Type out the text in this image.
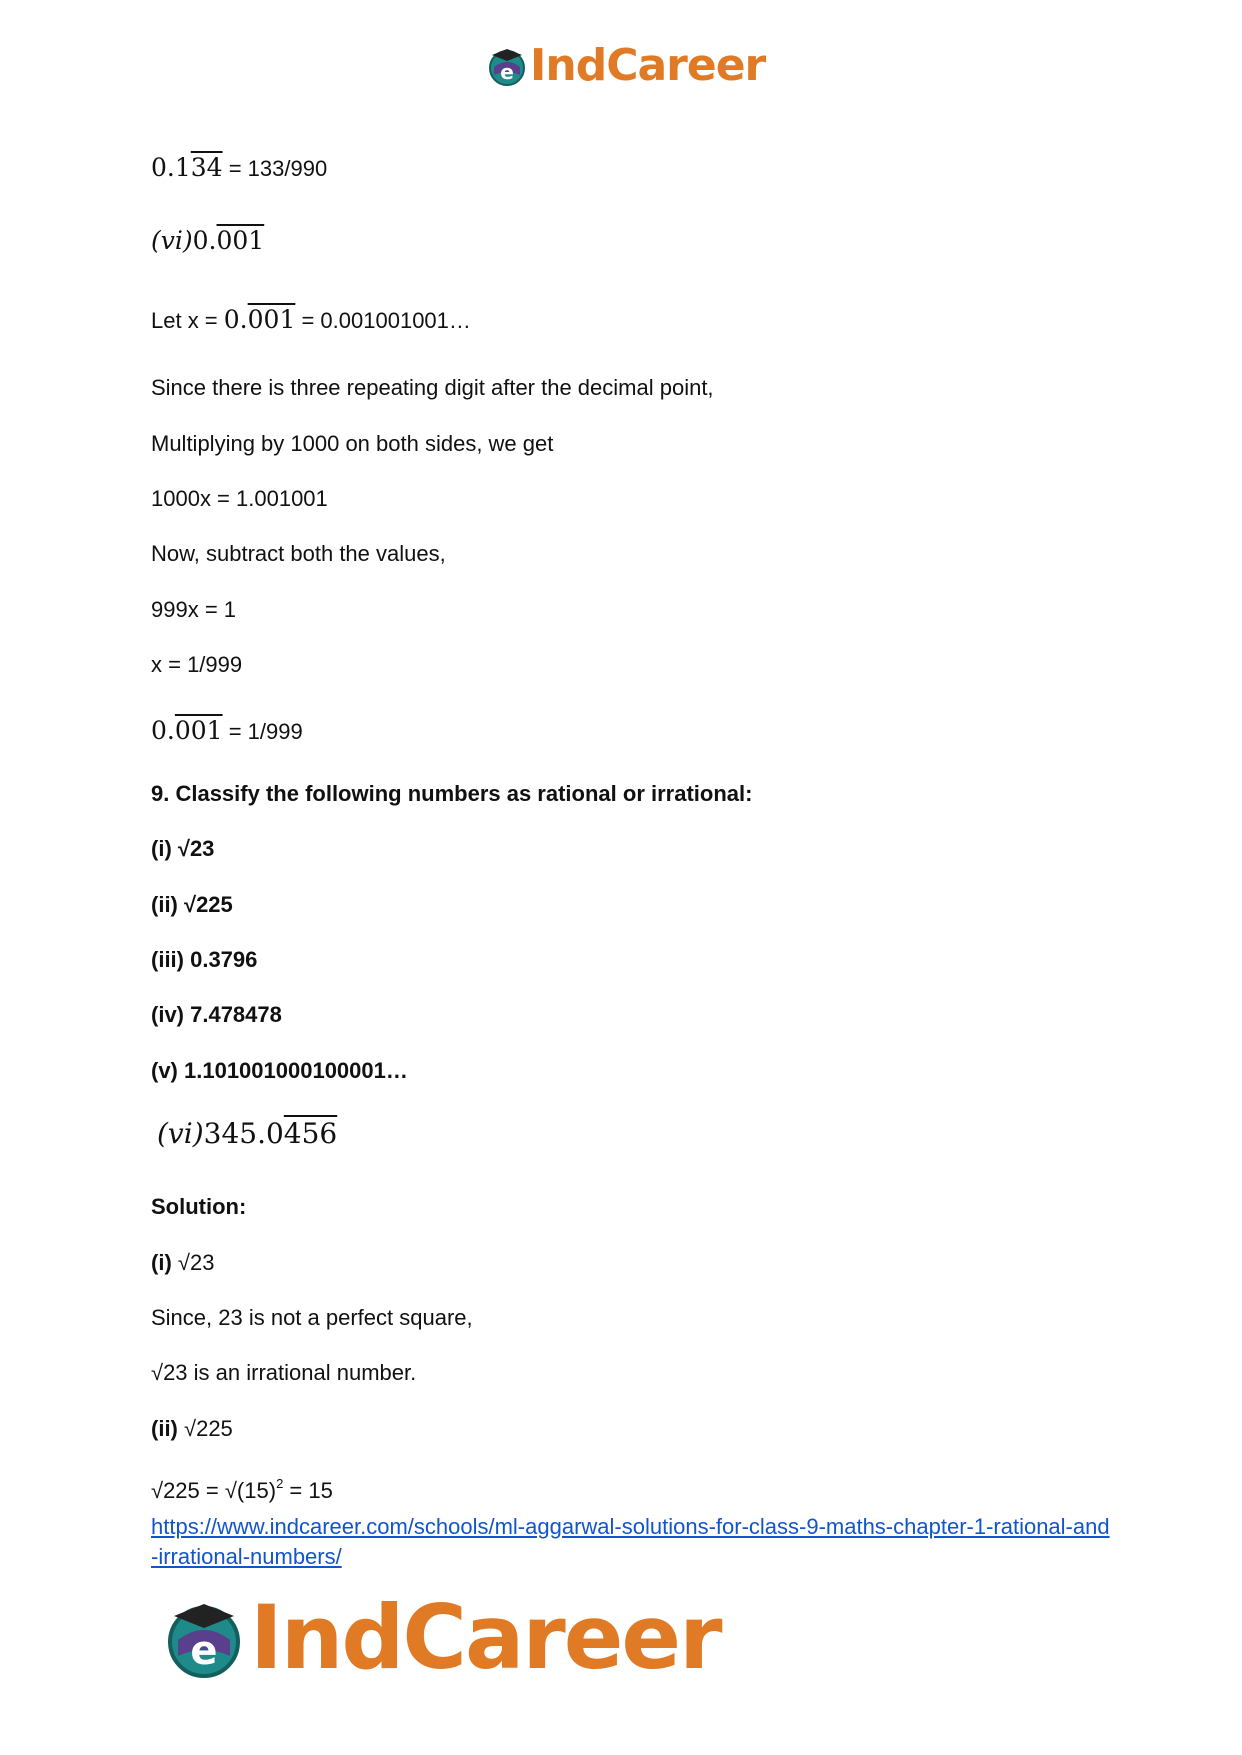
e IndCareer
0.134 = 133/990
(vi)0.001
Let x = 0.001 = 0.001001001…
Since there is three repeating digit after the decimal point,
Multiplying by 1000 on both sides, we get
1000x = 1.001001
Now, subtract both the values,
999x = 1
x = 1/999
0.001 = 1/999
9. Classify the following numbers as rational or irrational:
(i) √23
(ii) √225
(iii) 0.3796
(iv) 7.478478
(v) 1.101001000100001…
(vi)345.0456
Solution:
(i) √23
Since, 23 is not a perfect square,
√23 is an irrational number.
(ii) √225
$√225 = √(15)^2 = 15$
https://www.indcareer.com/schools/ml-aggarwal-solutions-for-class-9-maths-chapter-1-rational-and-irrational-numbers/
e IndCareer
